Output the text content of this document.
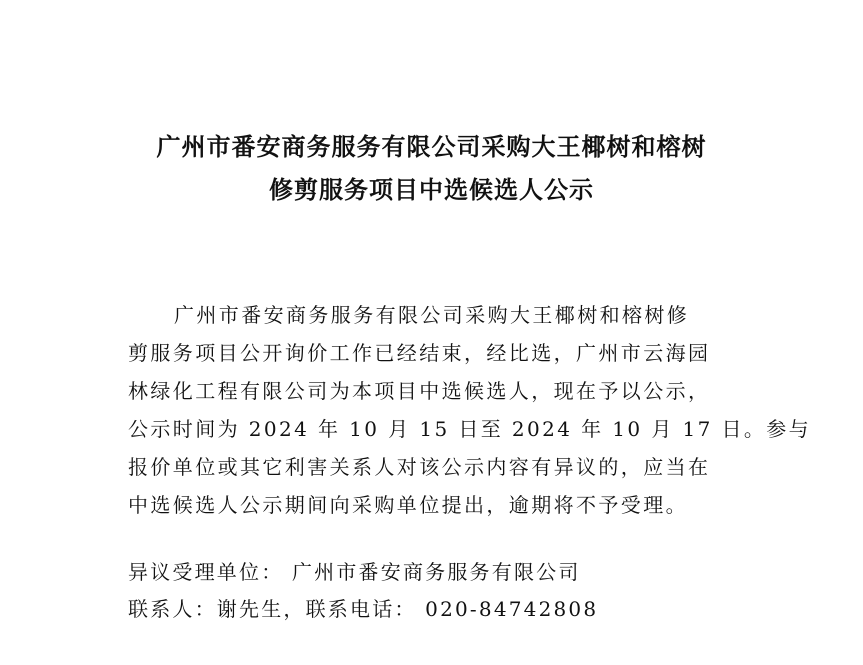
广州市番安商务服务有限公司采购大王椰树和榕树
修剪服务项目中选候选人公示
广州市番安商务服务有限公司采购大王椰树和榕树修
剪服务项目公开询价工作已经结束，经比选，广州市云海园
林绿化工程有限公司为本项目中选候选人，现在予以公示，
公示时间为 2024 年 10 月 15 日至 2024 年 10 月 17 日。参与
报价单位或其它利害关系人对该公示内容有异议的，应当在
中选候选人公示期间向采购单位提出，逾期将不予受理。
异议受理单位： 广州市番安商务服务有限公司
联系人：谢先生，联系电话： 020-84742808
